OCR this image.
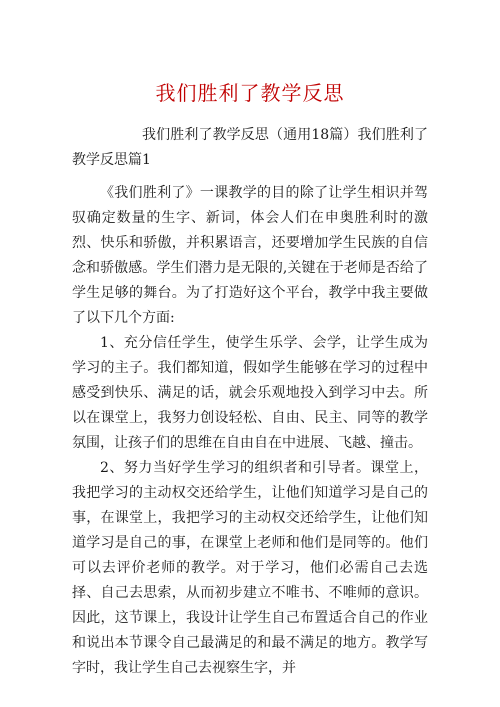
我们胜利了教学反思

我们胜利了教学反思（通用18篇）我们胜利了教学反思篇1

《我们胜利了》一课教学的目的除了让学生相识并驾驭确定数量的生字、新词，体会人们在申奥胜利时的激烈、快乐和骄傲，并积累语言，还要增加学生民族的自信念和骄傲感。学生们潜力是无限的,关键在于老师是否给了学生足够的舞台。为了打造好这个平台，教学中我主要做了以下几个方面:

1、充分信任学生，使学生乐学、会学，让学生成为学习的主子。我们都知道，假如学生能够在学习的过程中感受到快乐、满足的话，就会乐观地投入到学习中去。所以在课堂上，我努力创设轻松、自由、民主、同等的教学氛围，让孩子们的思维在自由自在中进展、飞越、撞击。

2、努力当好学生学习的组织者和引导者。课堂上，我把学习的主动权交还给学生，让他们知道学习是自己的事，在课堂上，我把学习的主动权交还给学生，让他们知道学习是自己的事，在课堂上老师和他们是同等的。他们可以去评价老师的教学。对于学习，他们必需自己去选择、自己去思索，从而初步建立不唯书、不唯师的意识。因此，这节课上，我设计让学生自己布置适合自己的作业和说出本节课令自己最满足的和最不满足的地方。教学写字时，我让学生自己去视察生字，并
